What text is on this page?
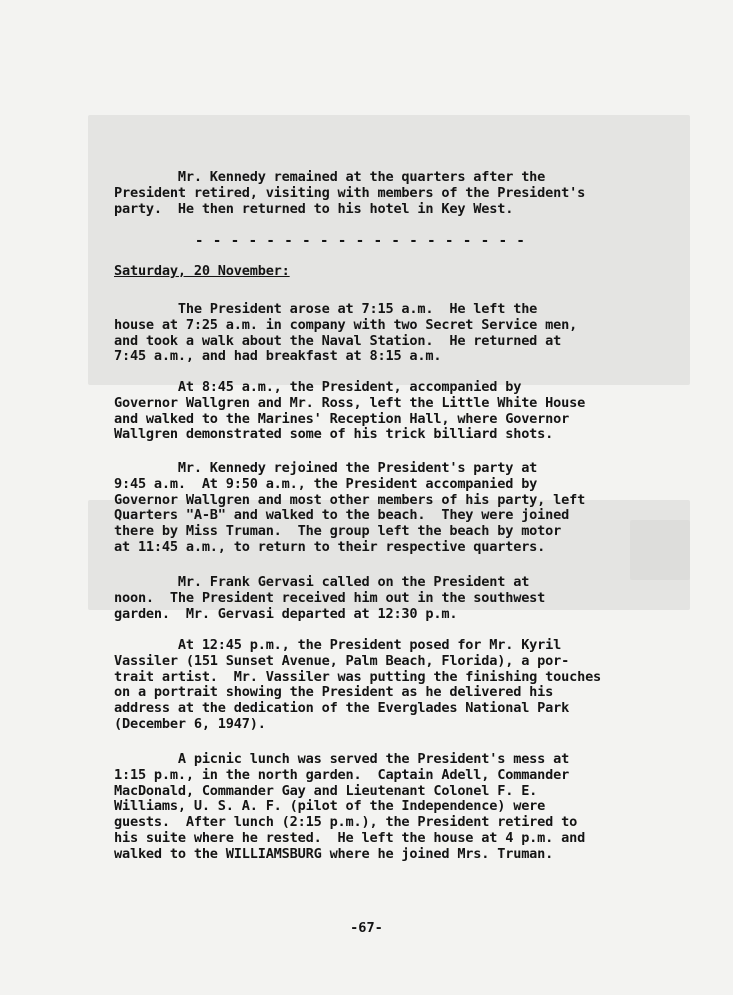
Mr. Kennedy remained at the quarters after the
President retired, visiting with members of the President's
party.  He then returned to his hotel in Key West.

- - - - - - - - - - - - - - - - - - -

Saturday, 20 November:

The President arose at 7:15 a.m.  He left the
house at 7:25 a.m. in company with two Secret Service men,
and took a walk about the Naval Station.  He returned at
7:45 a.m., and had breakfast at 8:15 a.m.

At 8:45 a.m., the President, accompanied by
Governor Wallgren and Mr. Ross, left the Little White House
and walked to the Marines' Reception Hall, where Governor
Wallgren demonstrated some of his trick billiard shots.

Mr. Kennedy rejoined the President's party at
9:45 a.m.  At 9:50 a.m., the President accompanied by
Governor Wallgren and most other members of his party, left
Quarters "A-B" and walked to the beach.  They were joined
there by Miss Truman.  The group left the beach by motor
at 11:45 a.m., to return to their respective quarters.

Mr. Frank Gervasi called on the President at
noon.  The President received him out in the southwest
garden.  Mr. Gervasi departed at 12:30 p.m.

At 12:45 p.m., the President posed for Mr. Kyril
Vassiler (151 Sunset Avenue, Palm Beach, Florida), a por-
trait artist.  Mr. Vassiler was putting the finishing touches
on a portrait showing the President as he delivered his
address at the dedication of the Everglades National Park
(December 6, 1947).

A picnic lunch was served the President's mess at
1:15 p.m., in the north garden.  Captain Adell, Commander
MacDonald, Commander Gay and Lieutenant Colonel F. E.
Williams, U. S. A. F. (pilot of the Independence) were
guests.  After lunch (2:15 p.m.), the President retired to
his suite where he rested.  He left the house at 4 p.m. and
walked to the WILLIAMSBURG where he joined Mrs. Truman.

-67-
